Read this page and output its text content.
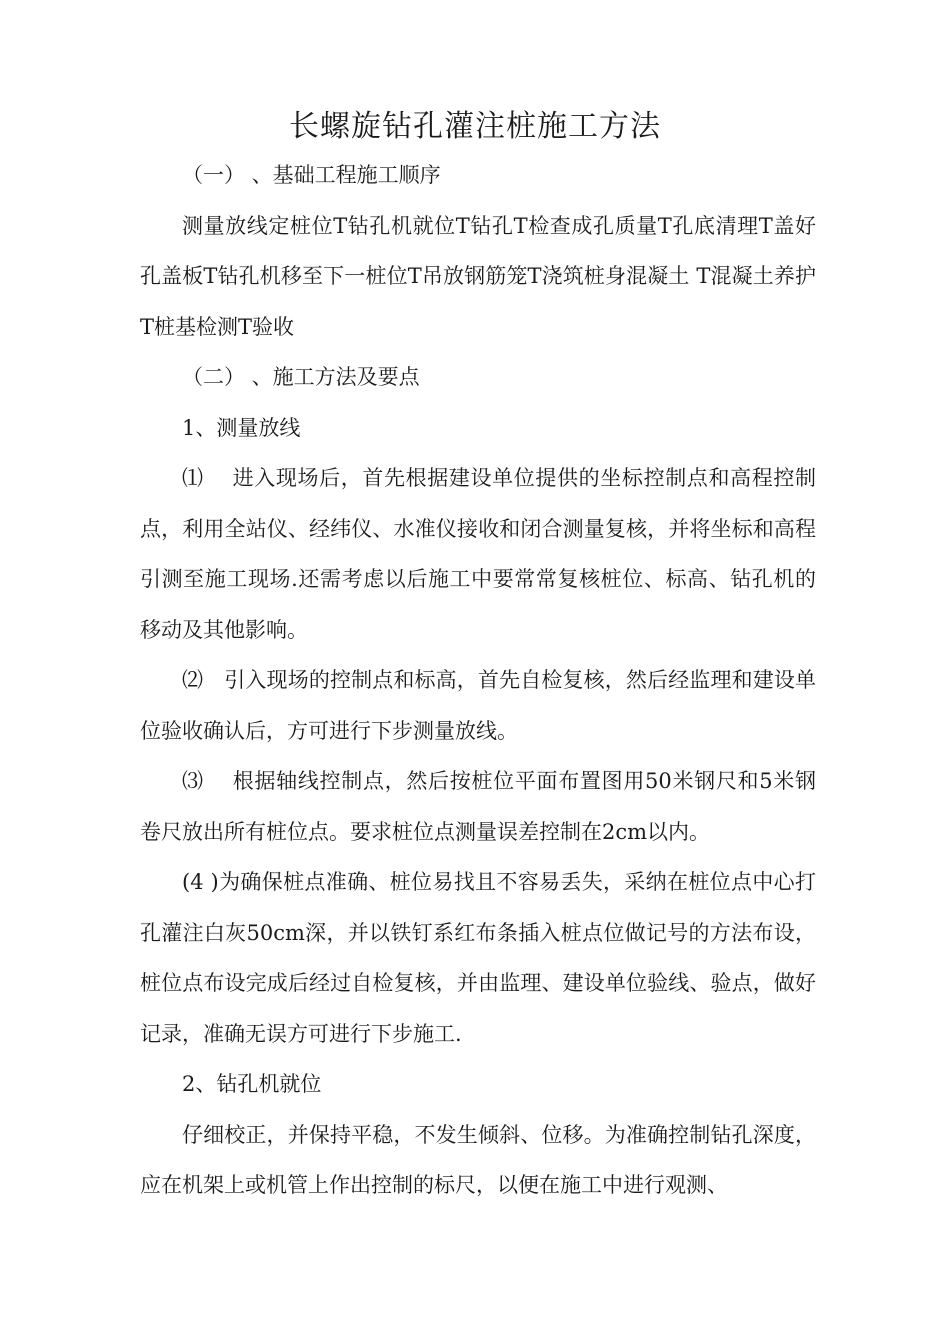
长螺旋钻孔灌注桩施工方法

（一） 、基础工程施工顺序

测量放线定桩位T钻孔机就位T钻孔T检查成孔质量T孔底清理T盖好孔盖板T钻孔机移至下一桩位T吊放钢筋笼T浇筑桩身混凝土 T混凝土养护T桩基检测T验收

（二） 、施工方法及要点

1、测量放线

⑴　 进入现场后，首先根据建设单位提供的坐标控制点和高程控制点，利用全站仪、经纬仪、水准仪接收和闭合测量复核，并将坐标和高程引测至施工现场.还需考虑以后施工中要常常复核桩位、标高、钻孔机的移动及其他影响。

⑵　引入现场的控制点和标高，首先自检复核，然后经监理和建设单位验收确认后，方可进行下步测量放线。

⑶　 根据轴线控制点，然后按桩位平面布置图用50米钢尺和5米钢卷尺放出所有桩位点。要求桩位点测量误差控制在2cm以内。

(4 )为确保桩点准确、桩位易找且不容易丢失，采纳在桩位点中心打孔灌注白灰50cm深，并以铁钉系红布条插入桩点位做记号的方法布设，桩位点布设完成后经过自检复核，并由监理、建设单位验线、验点，做好记录，准确无误方可进行下步施工.

2、钻孔机就位

仔细校正，并保持平稳，不发生倾斜、位移。为准确控制钻孔深度，应在机架上或机管上作出控制的标尺，以便在施工中进行观测、
